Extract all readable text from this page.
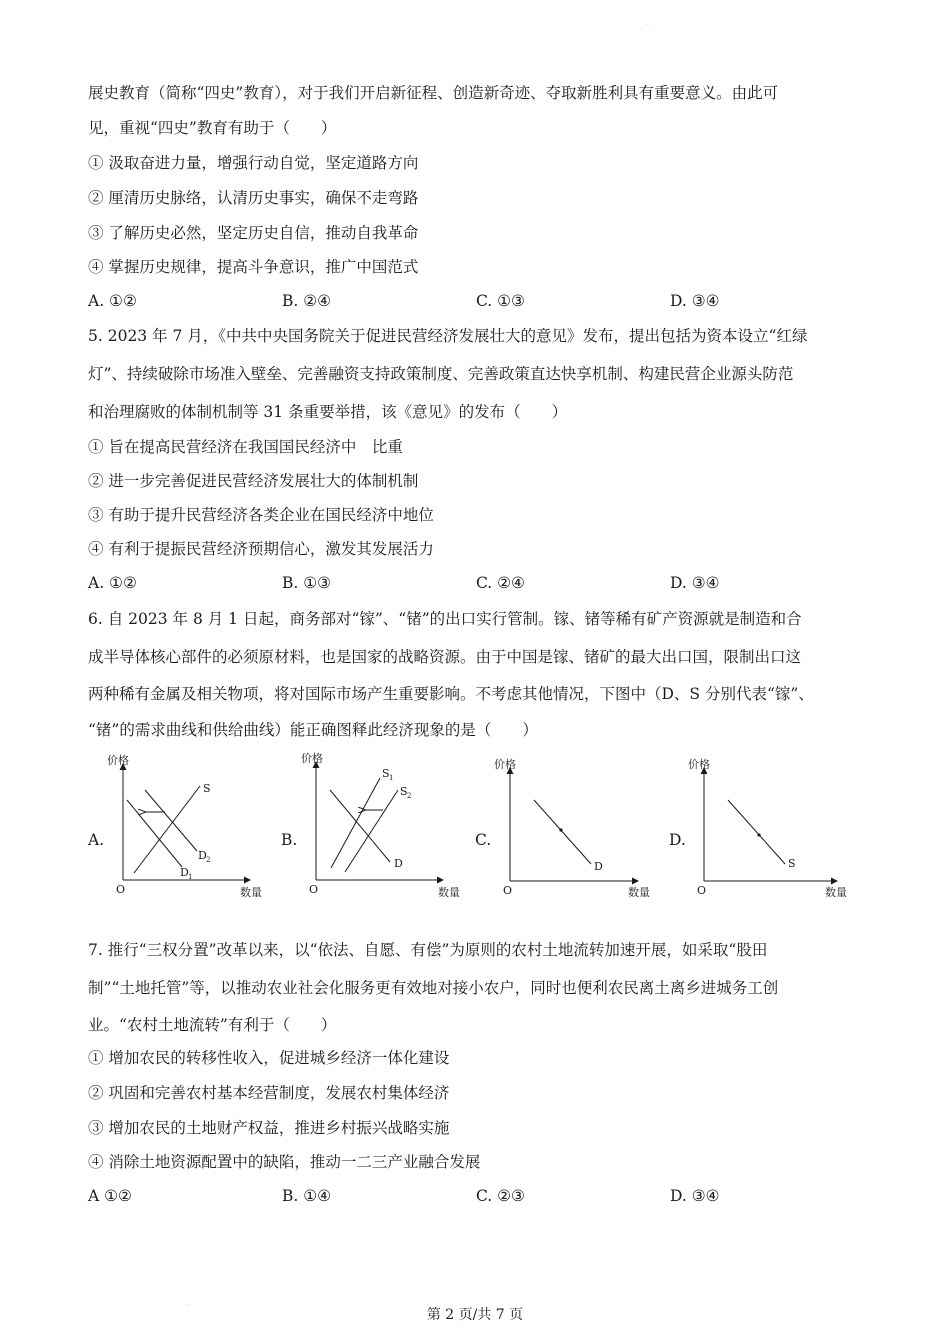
.
.
展史教育（简称“四史”教育），对于我们开启新征程、创造新奇迹、夺取新胜利具有重要意义。由此可
见，重视“四史”教育有助于（　　）
① 汲取奋进力量，增强行动自觉，坚定道路方向
② 厘清历史脉络，认清历史事实，确保不走弯路
③ 了解历史必然，坚定历史自信，推动自我革命
④ 掌握历史规律，提高斗争意识，推广中国范式
A. ①②	B. ②④	C. ①③	D. ③④
5. 2023 年 7 月，《中共中央国务院关于促进民营经济发展壮大的意见》发布，提出包括为资本设立“红绿
灯”、持续破除市场准入壁垒、完善融资支持政策制度、完善政策直达快享机制、构建民营企业源头防范
和治理腐败的体制机制等 31 条重要举措，该《意见》的发布（　　）
① 旨在提高民营经济在我国国民经济中　比重
② 进一步完善促进民营经济发展壮大的体制机制
③ 有助于提升民营经济各类企业在国民经济中地位
④ 有利于提振民营经济预期信心，激发其发展活力
A. ①②	B. ①③	C. ②④	D. ③④
6. 自 2023 年 8 月 1 日起，商务部对“镓”、“锗”的出口实行管制。镓、锗等稀有矿产资源就是制造和合
成半导体核心部件的必须原材料，也是国家的战略资源。由于中国是镓、锗矿的最大出口国，限制出口这
两种稀有金属及相关物项，将对国际市场产生重要影响。不考虑其他情况，下图中（D、S 分别代表“镓”、
“锗”的需求曲线和供给曲线）能正确图释此经济现象的是（　　）
A.
价格
数量
O
S
D 2
D 1
B.
价格
数量
O
S 1
S 2
D
C.
价格
数量
O
D
D.
价格
数量
O
S
7. 推行“三权分置”改革以来，以“依法、自愿、有偿”为原则的农村土地流转加速开展，如采取“股田
制”“土地托管”等，以推动农业社会化服务更有效地对接小农户，同时也便利农民离土离乡进城务工创
业。“农村土地流转”有利于（　　）
① 增加农民的转移性收入，促进城乡经济一体化建设
② 巩固和完善农村基本经营制度，发展农村集体经济
③ 增加农民的土地财产权益，推进乡村振兴战略实施
④ 消除土地资源配置中的缺陷，推动一二三产业融合发展
A ①②	B. ①④	C. ②③	D. ③④
第 2 页/共 7 页
